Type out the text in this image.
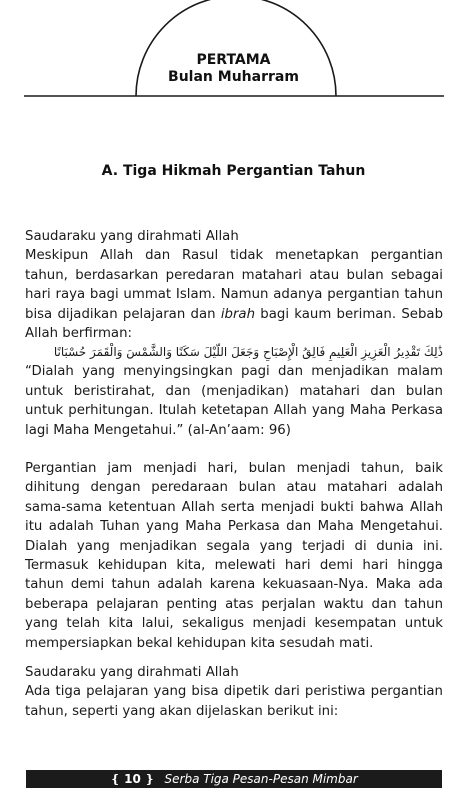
PERTAMA
Bulan Muharram
A. Tiga Hikmah Pergantian Tahun

Saudaraku yang dirahmati Allah

Meskipun Allah dan Rasul tidak menetapkan pergantian tahun, berdasarkan peredaran matahari atau bulan sebagai hari raya bagi ummat Islam. Namun adanya pergantian tahun bisa dijadikan pelajaran dan ibrah bagi kaum beriman. Sebab Allah berfirman:

ذَٰلِكَ تَقْدِيرُ الْعَزِيزِ الْعَلِيمِ فَالِقُ الْإِصْبَاحِ وَجَعَلَ اللَّيْلَ سَكَنًا وَالشَّمْسَ وَالْقَمَرَ حُسْبَانًا

“Dialah yang menyingsingkan pagi dan menjadikan malam untuk beristirahat, dan (menjadikan) matahari dan bulan untuk perhitungan. Itulah ketetapan Allah yang Maha Perkasa lagi Maha Mengetahui.” (al-An’aam: 96)

Pergantian jam menjadi hari, bulan menjadi tahun, baik dihitung dengan peredaraan bulan atau matahari adalah sama-sama ketentuan Allah serta menjadi bukti bahwa Allah itu adalah Tuhan yang Maha Perkasa dan Maha Mengetahui. Dialah yang menjadikan segala yang terjadi di dunia ini. Termasuk kehidupan kita, melewati hari demi hari hingga tahun demi tahun adalah karena kekuasaan-Nya. Maka ada beberapa pelajaran penting atas perjalan waktu dan tahun yang telah kita lalui, sekaligus menjadi kesempatan untuk mempersiapkan bekal kehidupan kita sesudah mati.

Saudaraku yang dirahmati Allah

Ada tiga pelajaran yang bisa dipetik dari peristiwa pergantian tahun, seperti yang akan dijelaskan berikut ini:

❴ 10 ❵ Serba Tiga Pesan-Pesan Mimbar
